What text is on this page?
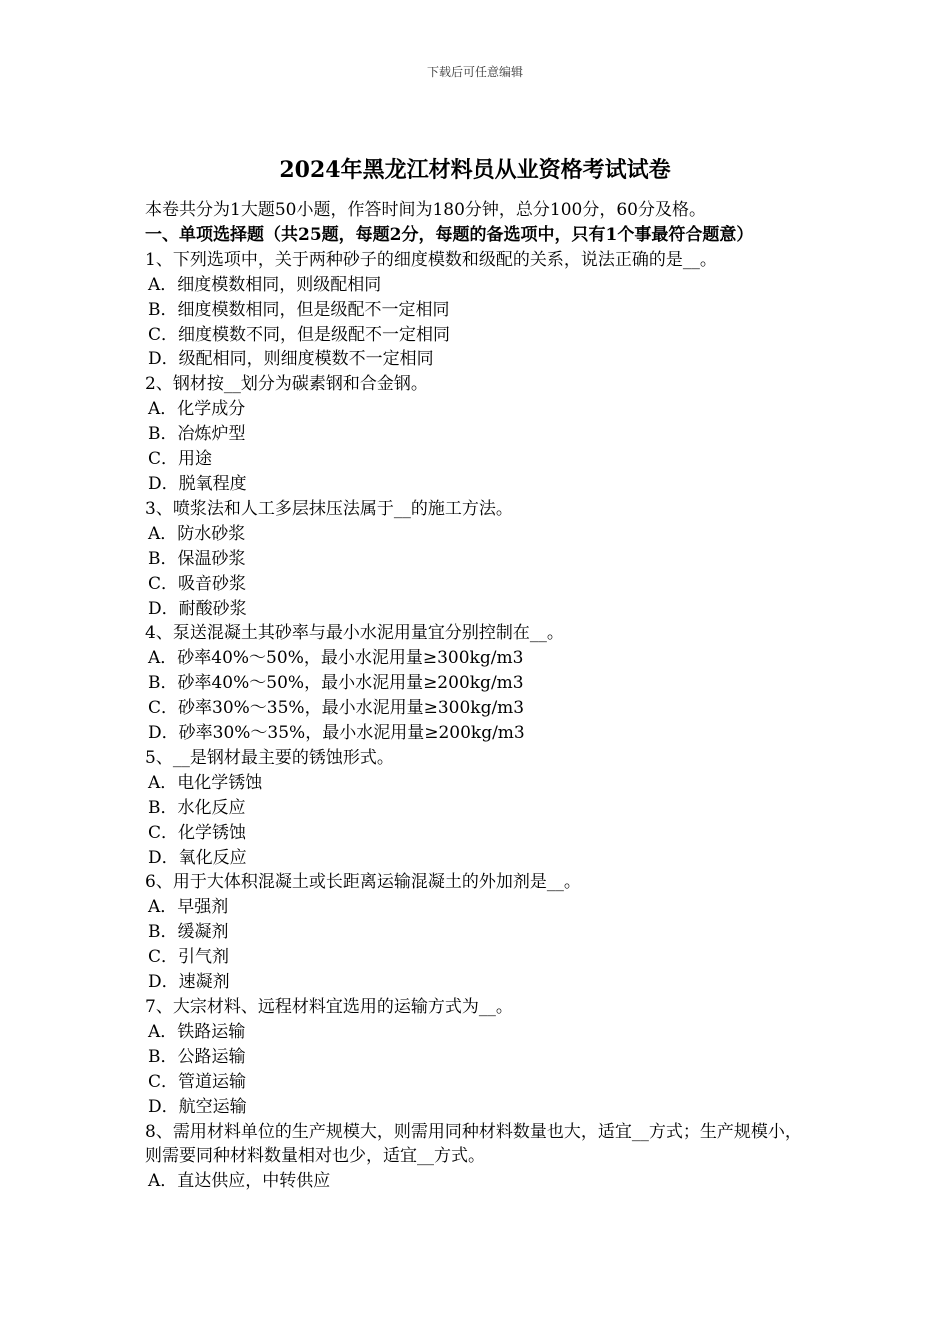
下载后可任意编辑
2024年黑龙江材料员从业资格考试试卷
本卷共分为1大题50小题，作答时间为180分钟，总分100分，60分及格。
一、单项选择题（共25题，每题2分，每题的备选项中，只有1个事最符合题意）
1、下列选项中，关于两种砂子的细度模数和级配的关系，说法正确的是__。
A．细度模数相同，则级配相同
B．细度模数相同，但是级配不一定相同
C．细度模数不同，但是级配不一定相同
D．级配相同，则细度模数不一定相同
2、钢材按__划分为碳素钢和合金钢。
A．化学成分
B．冶炼炉型
C．用途
D．脱氧程度
3、喷浆法和人工多层抹压法属于__的施工方法。
A．防水砂浆
B．保温砂浆
C．吸音砂浆
D．耐酸砂浆
4、泵送混凝土其砂率与最小水泥用量宜分别控制在__。
A．砂率40%～50%，最小水泥用量≥300kg/m3
B．砂率40%～50%，最小水泥用量≥200kg/m3
C．砂率30%～35%，最小水泥用量≥300kg/m3
D．砂率30%～35%，最小水泥用量≥200kg/m3
5、__是钢材最主要的锈蚀形式。
A．电化学锈蚀
B．水化反应
C．化学锈蚀
D．氧化反应
6、用于大体积混凝土或长距离运输混凝土的外加剂是__。
A．早强剂
B．缓凝剂
C．引气剂
D．速凝剂
7、大宗材料、远程材料宜选用的运输方式为__。
A．铁路运输
B．公路运输
C．管道运输
D．航空运输
8、需用材料单位的生产规模大，则需用同种材料数量也大，适宜__方式；生产规模小，则需要同种材料数量相对也少，适宜__方式。
A．直达供应，中转供应
